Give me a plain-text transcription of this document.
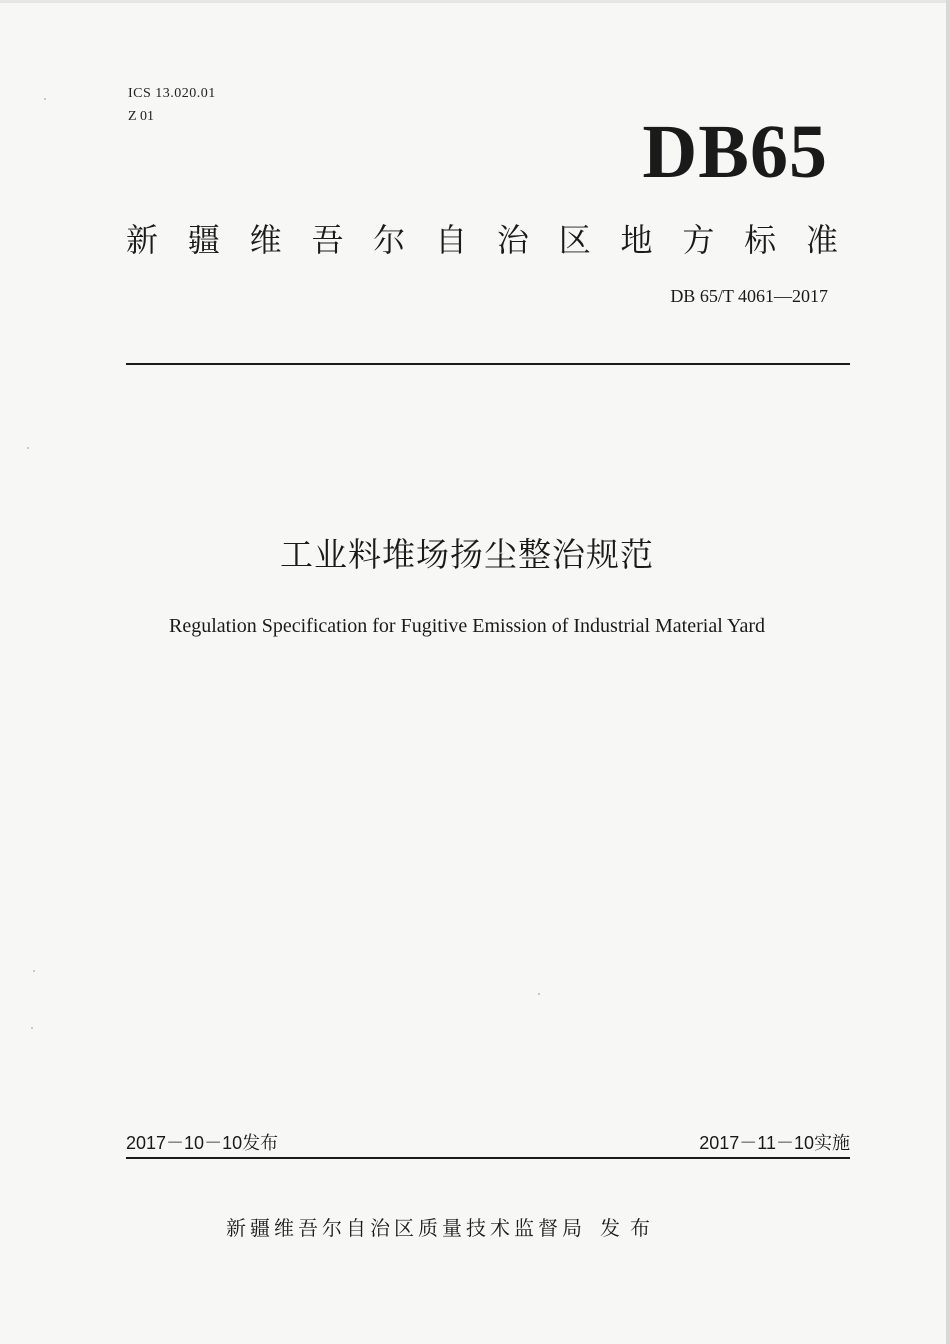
ICS 13.020.01
Z 01	DB65
新 疆 维 吾 尔 自 治 区 地 方 标 准
DB 65/T 4061—2017
工业料堆场扬尘整治规范
Regulation Specification for Fugitive Emission of Industrial Material Yard
2017－10－10发布	2017－11－10实施
新疆维吾尔自治区质量技术监督局 发布
